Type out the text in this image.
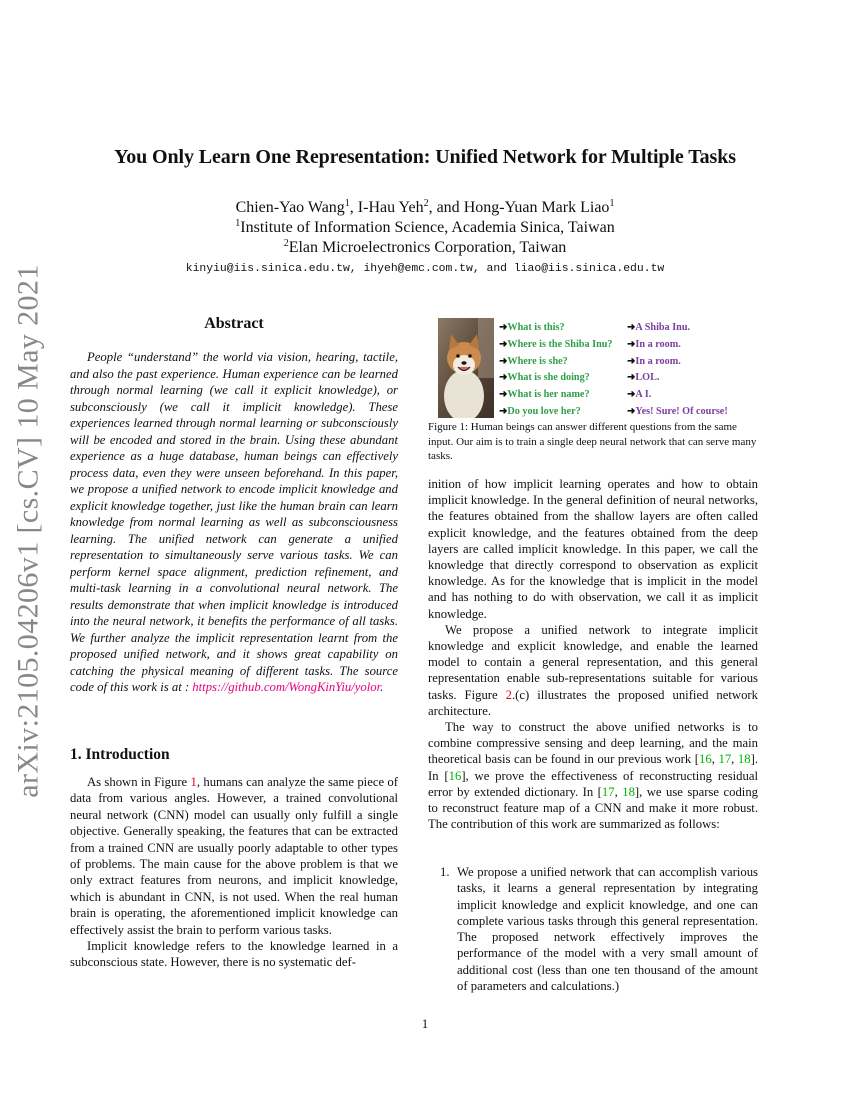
arXiv:2105.04206v1 [cs.CV] 10 May 2021
You Only Learn One Representation: Unified Network for Multiple Tasks
Chien-Yao Wang$^1$, I-Hau Yeh$^2$, and Hong-Yuan Mark Liao$^1$
$^1$Institute of Information Science, Academia Sinica, Taiwan
$^2$Elan Microelectronics Corporation, Taiwan
kinyiu@iis.sinica.edu.tw, ihyeh@emc.com.tw, and liao@iis.sinica.edu.tw
Abstract
People “understand” the world via vision, hearing, tactile, and also the past experience. Human experience can be learned through normal learning (we call it explicit knowledge), or subconsciously (we call it implicit knowledge). These experiences learned through normal learning or subconsciously will be encoded and stored in the brain. Using these abundant experience as a huge database, human beings can effectively process data, even they were unseen beforehand. In this paper, we propose a unified network to encode implicit knowledge and explicit knowledge together, just like the human brain can learn knowledge from normal learning as well as subconsciousness learning. The unified network can generate a unified representation to simultaneously serve various tasks. We can perform kernel space alignment, prediction refinement, and multi-task learning in a convolutional neural network. The results demonstrate that when implicit knowledge is introduced into the neural network, it benefits the performance of all tasks. We further analyze the implicit representation learnt from the proposed unified network, and it shows great capability on catching the physical meaning of different tasks. The source code of this work is at : https://github.com/WongKinYiu/yolor.
1. Introduction

As shown in Figure 1, humans can analyze the same piece of data from various angles. However, a trained convolutional neural network (CNN) model can usually only fulfill a single objective. Generally speaking, the features that can be extracted from a trained CNN are usually poorly adaptable to other types of problems. The main cause for the above problem is that we only extract features from neurons, and implicit knowledge, which is abundant in CNN, is not used. When the real human brain is operating, the aforementioned implicit knowledge can effectively assist the brain to perform various tasks.

Implicit knowledge refers to the knowledge learned in a subconscious state. However, there is no systematic def-

➜What is this?	➜A Shiba Inu.
➜Where is the Shiba Inu? ➜In a room.
➜Where is she?	➜In a room.
➜What is she doing?	➜LOL.
➜What is her name?	➜A I.
➜Do you love her?	➜Yes! Sure! Of course!
Figure 1: Human beings can answer different questions from the same input. Our aim is to train a single deep neural network that can serve many tasks.

inition of how implicit learning operates and how to obtain implicit knowledge. In the general definition of neural networks, the features obtained from the shallow layers are often called explicit knowledge, and the features obtained from the deep layers are called implicit knowledge. In this paper, we call the knowledge that directly correspond to observation as explicit knowledge. As for the knowledge that is implicit in the model and has nothing to do with observation, we call it as implicit knowledge.

We propose a unified network to integrate implicit knowledge and explicit knowledge, and enable the learned model to contain a general representation, and this general representation enable sub-representations suitable for various tasks. Figure 2.(c) illustrates the proposed unified network architecture.

The way to construct the above unified networks is to combine compressive sensing and deep learning, and the main theoretical basis can be found in our previous work [16, 17, 18]. In [16], we prove the effectiveness of reconstructing residual error by extended dictionary. In [17, 18], we use sparse coding to reconstruct feature map of a CNN and make it more robust. The contribution of this work are summarized as follows:

1. We propose a unified network that can accomplish various tasks, it learns a general representation by integrating implicit knowledge and explicit knowledge, and one can complete various tasks through this general representation. The proposed network effectively improves the performance of the model with a very small amount of additional cost (less than one ten thousand of the amount of parameters and calculations.)
1
